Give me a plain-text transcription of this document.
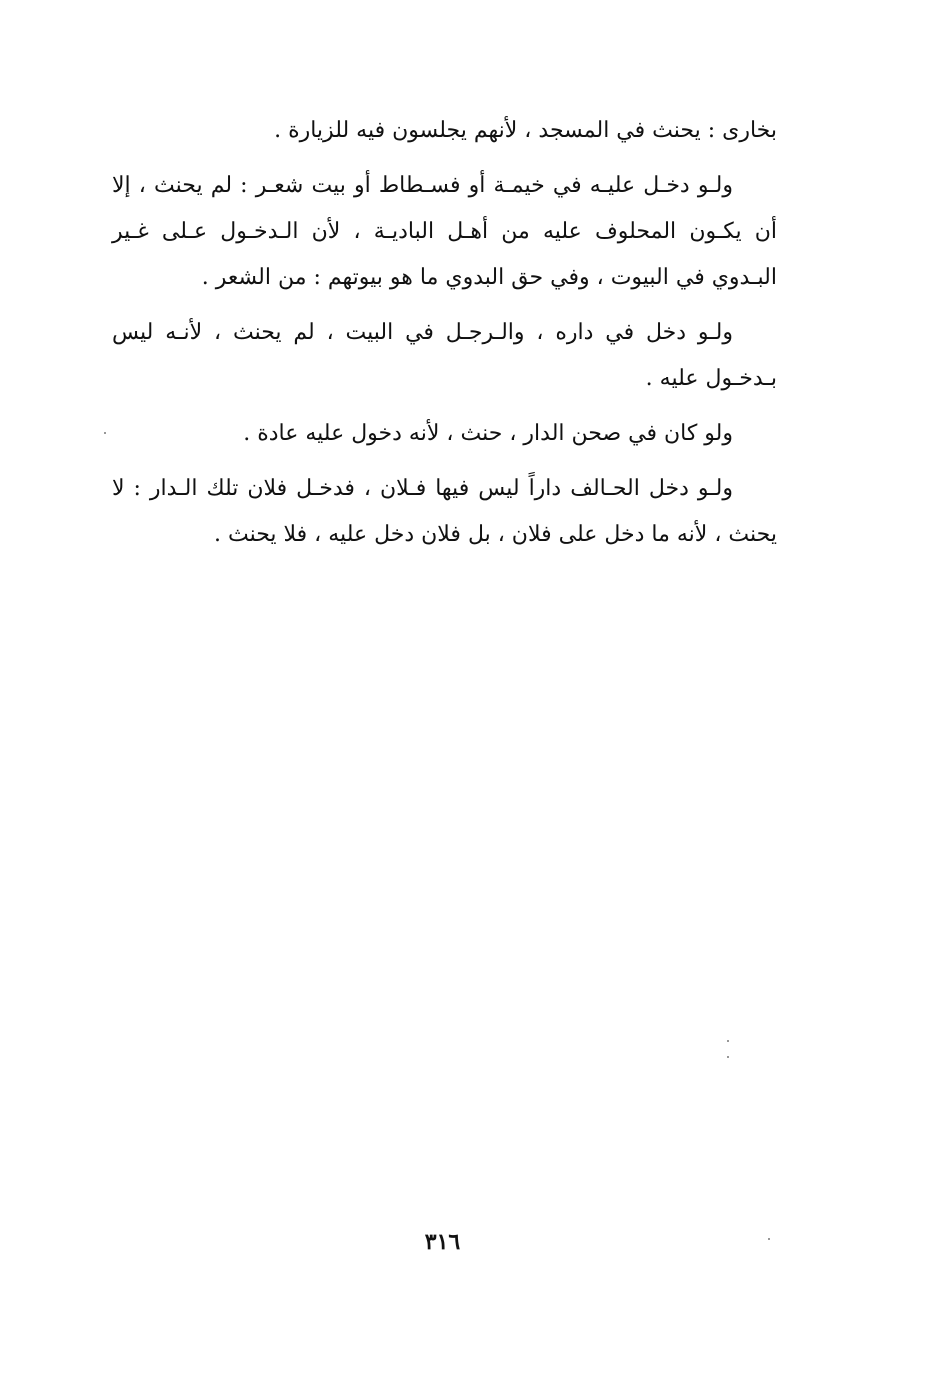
بخارى : يحنث في المسجد ، لأنهم يجلسون فيه للزيارة .

ولـو دخـل عليـه في خيمـة أو فسـطاط أو بيت شعـر : لم يحنث ، إلا أن يكـون المحلوف عليه من أهـل الباديـة ، لأن الـدخـول عـلى غـير البـدوي في البيوت ، وفي حق البدوي ما هو بيوتهم : من الشعر .

ولـو دخل في داره ، والـرجـل في البيت ، لم يحنث ، لأنـه ليس بـدخـول عليه .

ولو كان في صحن الدار ، حنث ، لأنه دخول عليه عادة .

ولـو دخل الحـالف داراً ليس فيها فـلان ، فدخـل فلان تلك الـدار : لا يحنث ، لأنه ما دخل على فلان ، بل فلان دخل عليه ، فلا يحنث .

٣١٦
